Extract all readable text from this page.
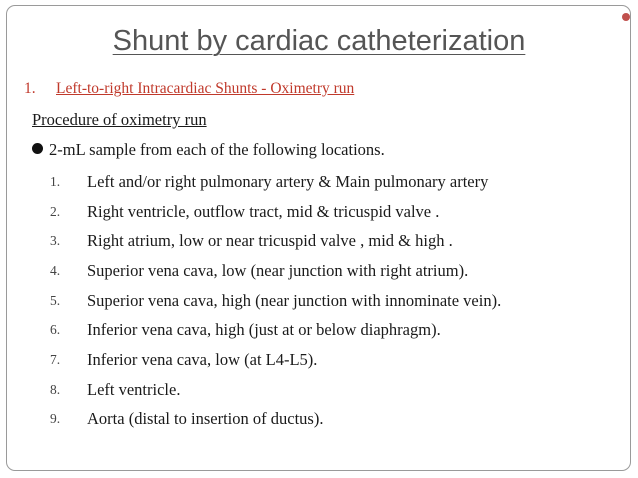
Shunt by cardiac catheterization
1. Left-to-right Intracardiac Shunts - Oximetry run
Procedure of oximetry run
2-mL sample from each of the following locations.
1.	Left and/or right pulmonary artery & Main pulmonary artery
2.	Right ventricle, outflow tract, mid & tricuspid valve .
3.	Right atrium, low or near tricuspid valve , mid & high .
4.	Superior vena cava, low (near junction with right atrium).
5.	Superior vena cava, high (near junction with innominate vein).
6.	Inferior vena cava, high (just at or below diaphragm).
7.	Inferior vena cava, low (at L4-L5).
8.	Left ventricle.
9.	Aorta (distal to insertion of ductus).
